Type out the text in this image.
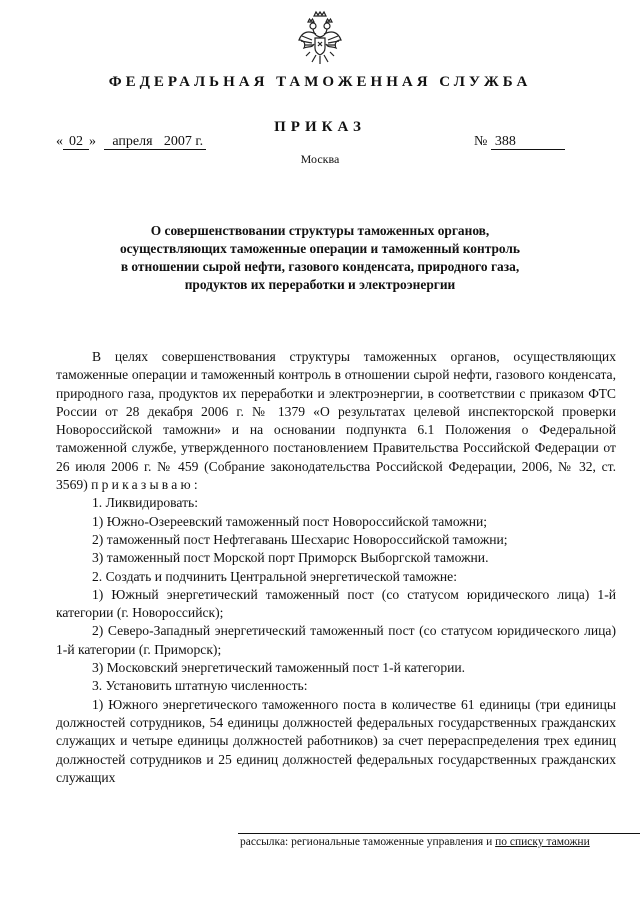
ФЕДЕРАЛЬНАЯ ТАМОЖЕННАЯ СЛУЖБА
ПРИКАЗ
« 02 » апреля 2007 г.	№ 388
Москва
О совершенствовании структуры таможенных органов,
осуществляющих таможенные операции и таможенный контроль
в отношении сырой нефти, газового конденсата, природного газа,
продуктов их переработки и электроэнергии

В целях совершенствования структуры таможенных органов, осуществляющих таможенные операции и таможенный контроль в отношении сырой нефти, газового конденсата, природного газа, продуктов их переработки и электроэнергии, в соответствии с приказом ФТС России от 28 декабря 2006 г. № 1379 «О результатах целевой инспекторской проверки Новороссийской таможни» и на основании подпункта 6.1 Положения о Федеральной таможенной службе, утвержденного постановлением Правительства Российской Федерации от 26 июля 2006 г. № 459 (Собрание законодательства Российской Федерации, 2006, № 32, ст. 3569) приказываю:

1. Ликвидировать:

1) Южно-Озереевский таможенный пост Новороссийской таможни;

2) таможенный пост Нефтегавань Шесхарис Новороссийской таможни;

3) таможенный пост Морской порт Приморск Выборгской таможни.

2. Создать и подчинить Центральной энергетической таможне:

1) Южный энергетический таможенный пост (со статусом юридического лица) 1-й категории (г. Новороссийск);

2) Северо-Западный энергетический таможенный пост (со статусом юридического лица) 1-й категории (г. Приморск);

3) Московский энергетический таможенный пост 1-й категории.

3. Установить штатную численность:

1) Южного энергетического таможенного поста в количестве 61 единицы (три единицы должностей сотрудников, 54 единицы должностей федеральных государственных гражданских служащих и четыре единицы должностей работников) за счет перераспределения трех единиц должностей сотрудников и 25 единиц должностей федеральных государственных гражданских служащих

рассылка: региональные таможенные управления и по списку таможни
